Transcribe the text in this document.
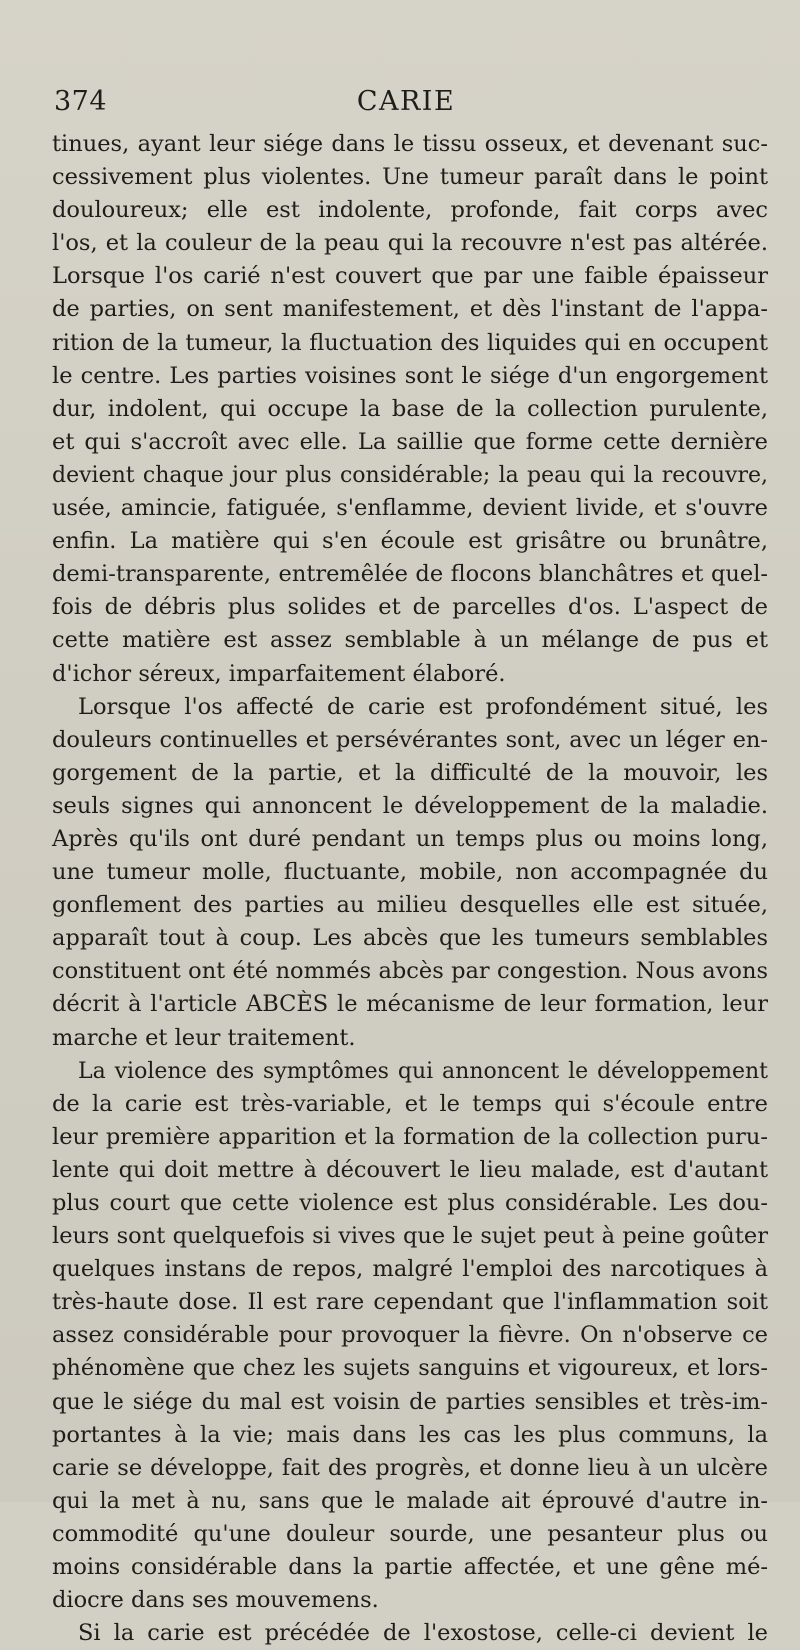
374	CARIE
tinues, ayant leur siége dans le tissu osseux, et devenant suc-
cessivement plus violentes. Une tumeur paraît dans le point
douloureux; elle est indolente, profonde, fait corps avec
l'os, et la couleur de la peau qui la recouvre n'est pas altérée.
Lorsque l'os carié n'est couvert que par une faible épaisseur
de parties, on sent manifestement, et dès l'instant de l'appa-
rition de la tumeur, la fluctuation des liquides qui en occupent
le centre. Les parties voisines sont le siége d'un engorgement
dur, indolent, qui occupe la base de la collection purulente,
et qui s'accroît avec elle. La saillie que forme cette dernière
devient chaque jour plus considérable; la peau qui la recouvre,
usée, amincie, fatiguée, s'enflamme, devient livide, et s'ouvre
enfin. La matière qui s'en écoule est grisâtre ou brunâtre,
demi-transparente, entremêlée de flocons blanchâtres et quel-
fois de débris plus solides et de parcelles d'os. L'aspect de
cette matière est assez semblable à un mélange de pus et
d'ichor séreux, imparfaitement élaboré.
Lorsque l'os affecté de carie est profondément situé, les
douleurs continuelles et persévérantes sont, avec un léger en-
gorgement de la partie, et la difficulté de la mouvoir, les
seuls signes qui annoncent le développement de la maladie.
Après qu'ils ont duré pendant un temps plus ou moins long,
une tumeur molle, fluctuante, mobile, non accompagnée du
gonflement des parties au milieu desquelles elle est située,
apparaît tout à coup. Les abcès que les tumeurs semblables
constituent ont été nommés abcès par congestion. Nous avons
décrit à l'article ABCÈS le mécanisme de leur formation, leur
marche et leur traitement.
La violence des symptômes qui annoncent le développement
de la carie est très-variable, et le temps qui s'écoule entre
leur première apparition et la formation de la collection puru-
lente qui doit mettre à découvert le lieu malade, est d'autant
plus court que cette violence est plus considérable. Les dou-
leurs sont quelquefois si vives que le sujet peut à peine goûter
quelques instans de repos, malgré l'emploi des narcotiques à
très-haute dose. Il est rare cependant que l'inflammation soit
assez considérable pour provoquer la fièvre. On n'observe ce
phénomène que chez les sujets sanguins et vigoureux, et lors-
que le siége du mal est voisin de parties sensibles et très-im-
portantes à la vie; mais dans les cas les plus communs, la
carie se développe, fait des progrès, et donne lieu à un ulcère
qui la met à nu, sans que le malade ait éprouvé d'autre in-
commodité qu'une douleur sourde, une pesanteur plus ou
moins considérable dans la partie affectée, et une gêne mé-
diocre dans ses mouvemens.
Si la carie est précédée de l'exostose, celle-ci devient le
